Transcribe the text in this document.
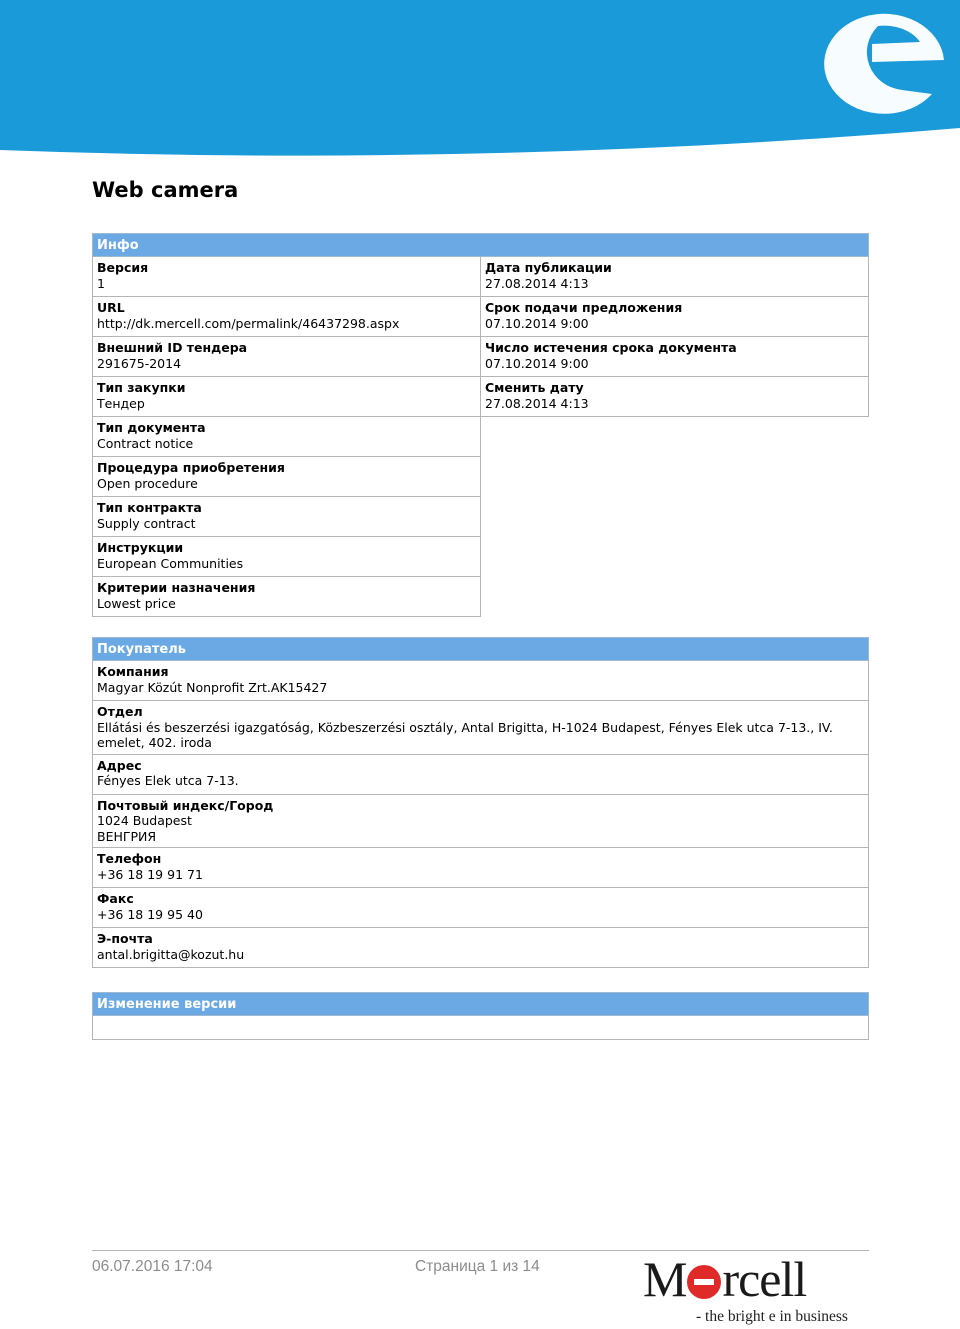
Web camera
Инфо
Версия
1
URL
http://dk.mercell.com/permalink/46437298.aspx
Внешний ID тендера
291675-2014
Тип закупки
Тендер
Тип документа
Contract notice
Процедура приобретения
Open procedure
Тип контракта
Supply contract
Инструкции
European Communities
Критерии назначения
Lowest price
Дата публикации
27.08.2014 4:13
Срок подачи предложения
07.10.2014 9:00
Число истечения срока документа
07.10.2014 9:00
Сменить дату
27.08.2014 4:13
Покупатель
Компания
Magyar Közút Nonprofit Zrt.AK15427
Отдел
Ellátási és beszerzési igazgatóság, Közbeszerzési osztály, Antal Brigitta, H-1024 Budapest, Fényes Elek utca 7-13., IV. emelet, 402. iroda
Адрес
Fényes Elek utca 7-13.
Почтовый индекс/Город
1024 Budapest
ВЕНГРИЯ
Телефон
+36 18 19 91 71
Факс
+36 18 19 95 40
Э-почта
antal.brigitta@kozut.hu
Изменение версии
06.07.2016 17:04	Страница 1 из 14 M rcell
- the bright e in business
